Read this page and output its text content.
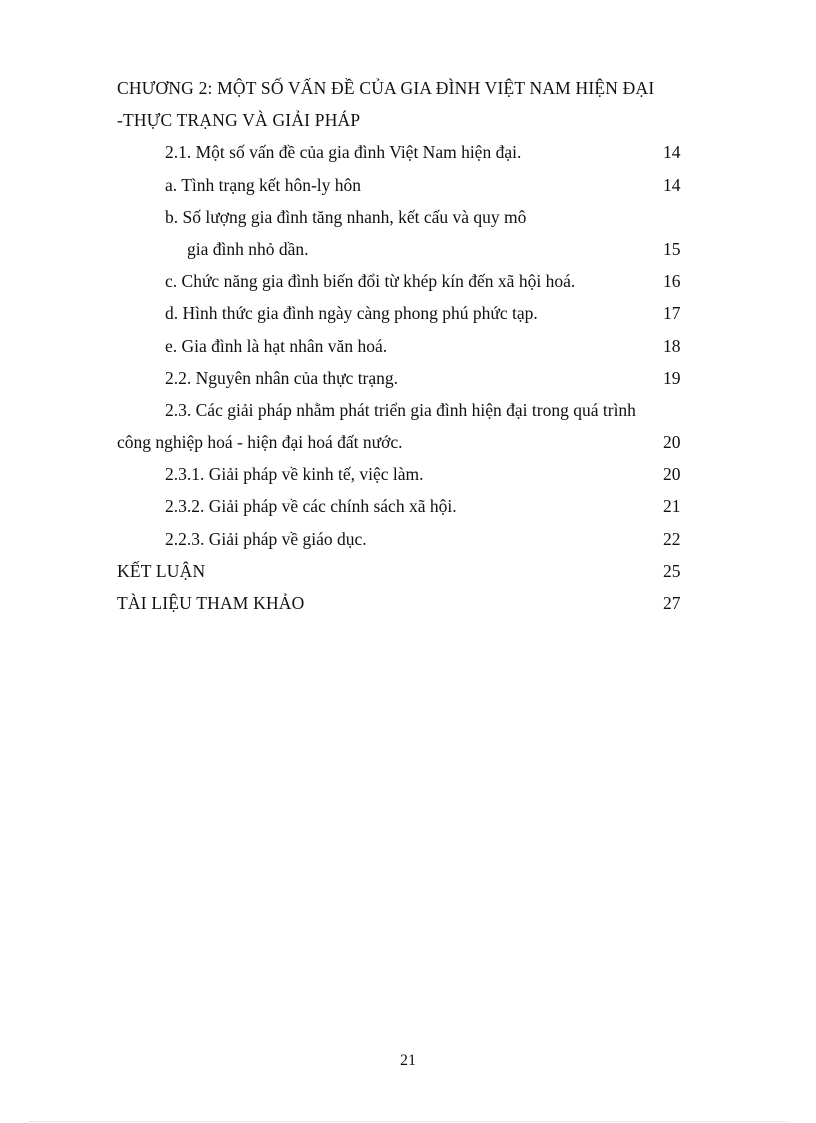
CHƯƠNG 2: MỘT SỐ VẤN ĐỀ CỦA GIA ĐÌNH VIỆT NAM HIỆN ĐẠI
-THỰC TRẠNG VÀ GIẢI PHÁP
2.1. Một số vấn đề của gia đình Việt Nam hiện đại.	14
a. Tình trạng kết hôn-ly hôn	14
b. Số lượng gia đình tăng nhanh, kết cấu và quy mô
gia đình nhỏ dần.	15
c. Chức năng gia đình biến đổi từ khép kín đến xã hội hoá.	16
d. Hình thức gia đình ngày càng phong phú phức tạp.	17
e. Gia đình là hạt nhân văn hoá.	18
2.2. Nguyên nhân của thực trạng.	19
2.3. Các giải pháp nhằm phát triển gia đình hiện đại trong quá trình
công nghiệp hoá - hiện đại hoá đất nước.	20
2.3.1. Giải pháp về kinh tế, việc làm.	20
2.3.2. Giải pháp về các chính sách xã hội.	21
2.2.3. Giải pháp về giáo dục.	22
KẾT LUẬN	25
TÀI LIỆU THAM KHẢO	27
21
